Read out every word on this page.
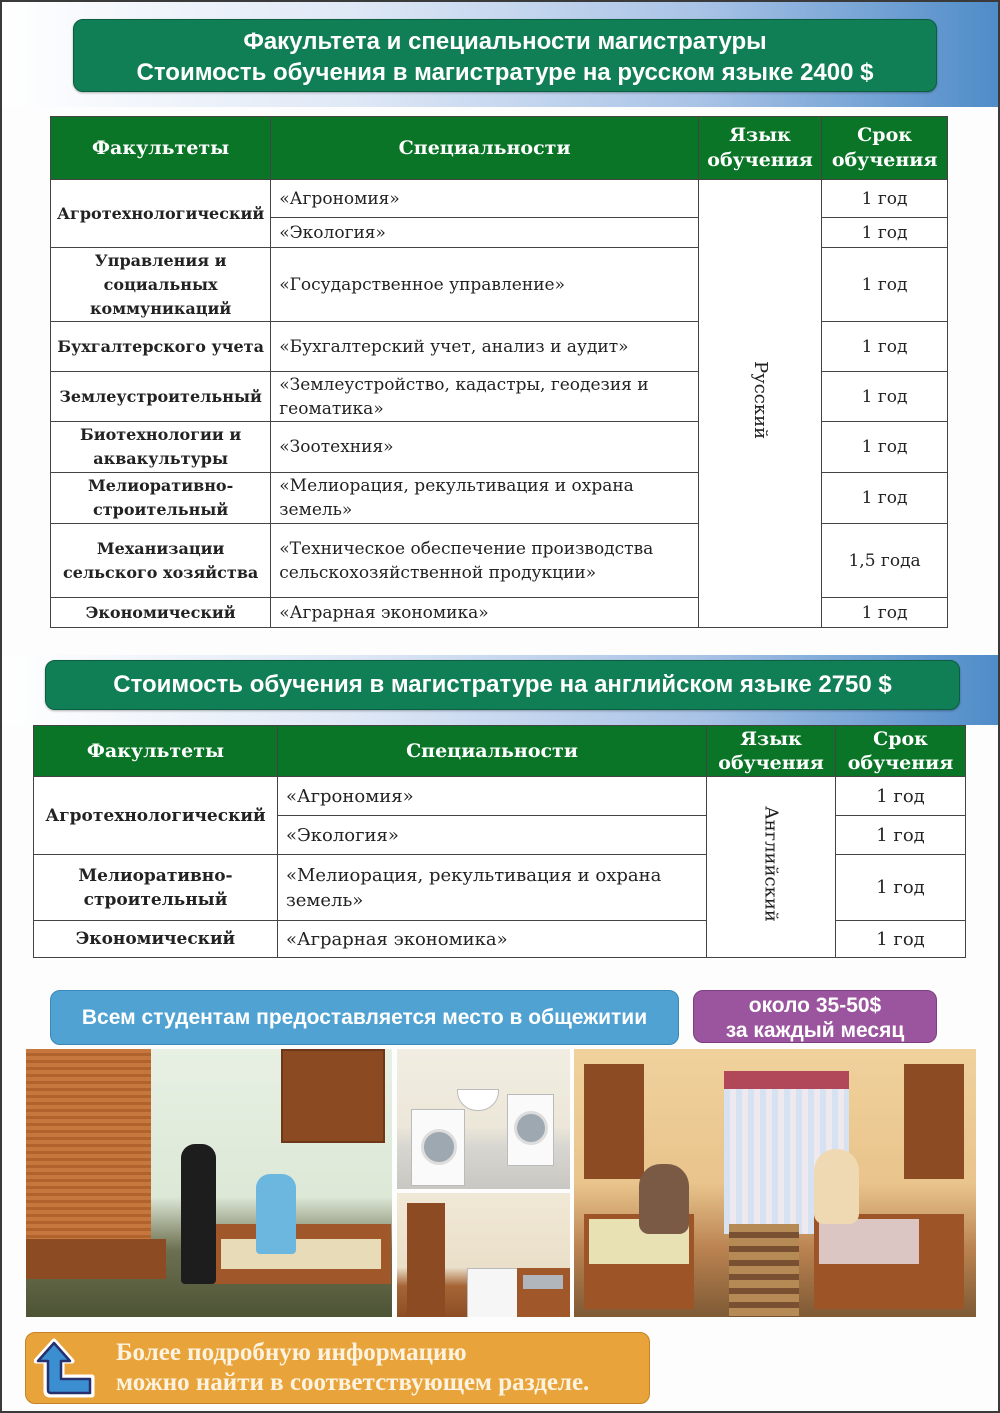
Факультета и специальности магистратуры
Стоимость обучения в магистратуре на русском языке 2400 $
Факультеты	Специальности	Язык обучения	Срок обучения
Агротехнологический	«Агрономия»	Русский	1 год
	«Экология»		1 год
Управления и социальных коммуникаций	«Государственное управление»		1 год
Бухгалтерского учета	«Бухгалтерский учет, анализ и аудит»		1 год
Землеустроительный	«Землеустройство, кадастры, геодезия и геоматика»		1 год
Биотехнологии и аквакультуры	«Зоотехния»		1 год
Мелиоративно-строительный	«Мелиорация, рекультивация и охрана земель»		1 год
Механизации сельского хозяйства	«Техническое обеспечение производства сельскохозяйственной продукции»		1,5 года
Экономический	«Аграрная экономика»		1 год
Стоимость обучения в магистратуре на английском языке 2750 $
Факультеты	Специальности	Язык обучения	Срок обучения
Агротехнологический	«Агрономия»	Английский	1 год
	«Экология»		1 год
Мелиоративно-строительный	«Мелиорация, рекультивация и охрана земель»		1 год
Экономический	«Аграрная экономика»		1 год
Всем студентам предоставляется место в общежитии
около 35-50$
за каждый месяц
Более подробную информацию
можно найти в соответствующем разделе.
